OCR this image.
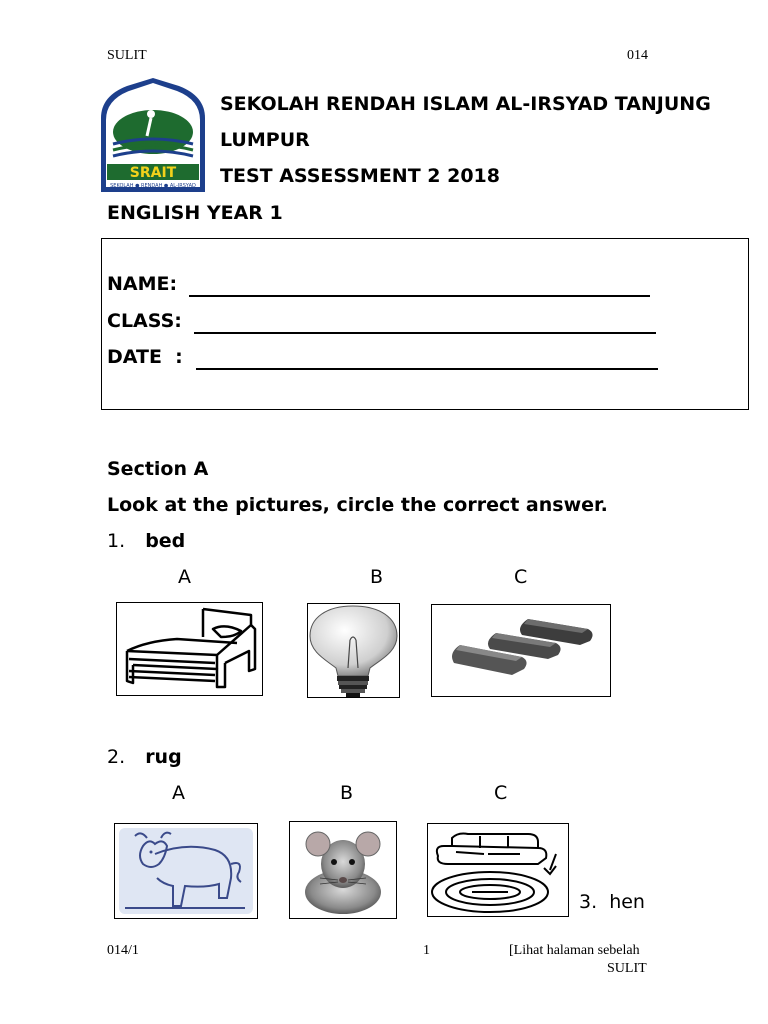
SULIT	014
SRAIT
SEKOLAH ● RENDAH ● AL-IRSYAD
SEKOLAH RENDAH ISLAM AL-IRSYAD TANJUNG
LUMPUR
TEST ASSESSMENT 2 2018
ENGLISH YEAR 1
NAME:
CLASS:
DATE  :
Section A
Look at the pictures, circle the correct answer.
1. bed
A	B	C
2. rug
A	B	C
3. hen
014/1	1	[Lihat halaman sebelah
SULIT
